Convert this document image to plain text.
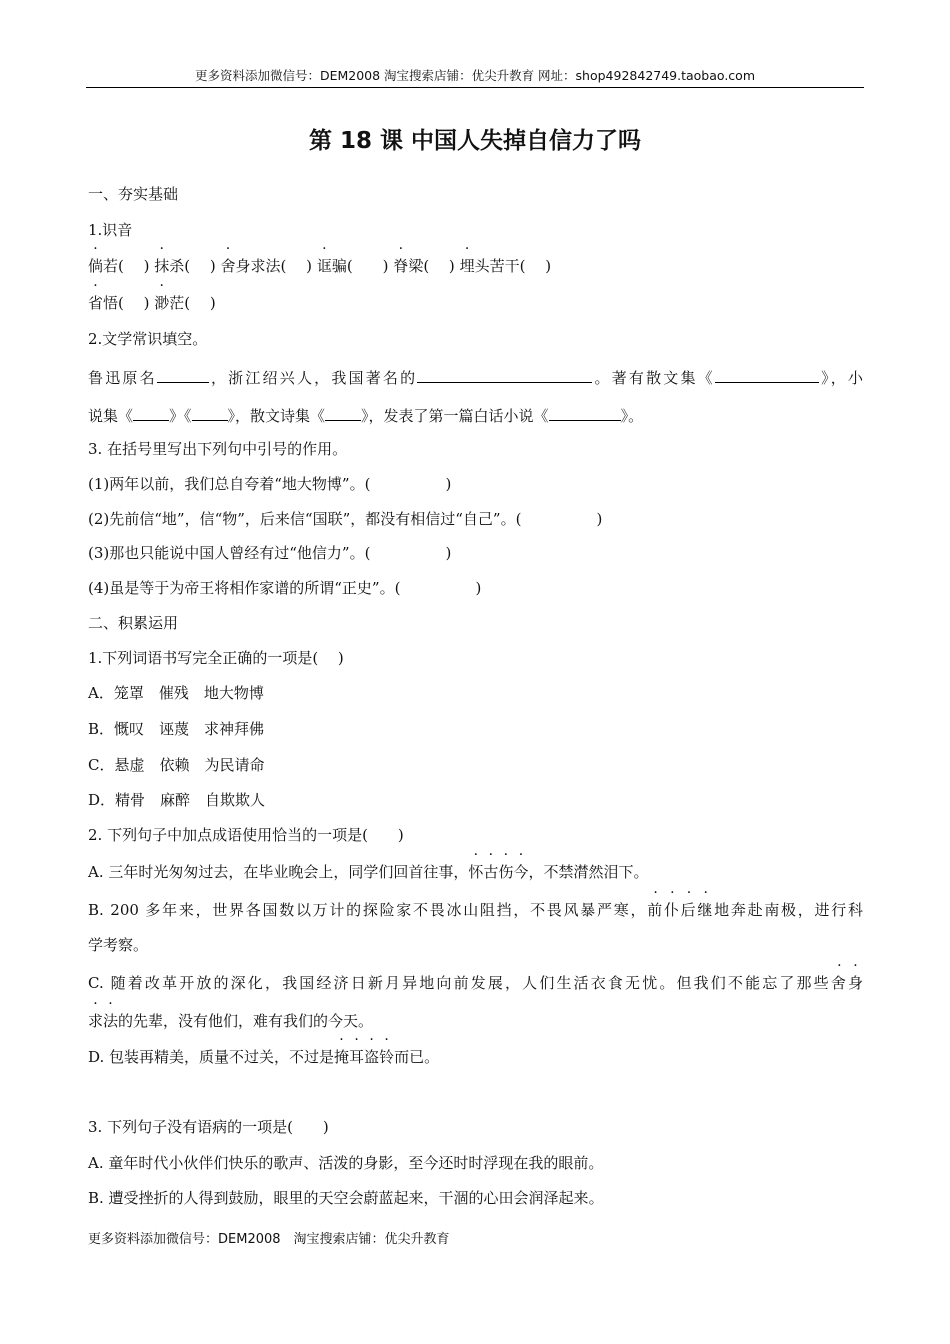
更多资料添加微信号：DEM2008 淘宝搜索店铺：优尖升教育 网址：shop492842749.taobao.com
第 18 课 中国人失掉自信力了吗
一、夯实基础
1.识音
倘若(　 ) 抹杀(　 ) 舍身求法(　 ) 诓骗(　　) 脊梁(　 ) 埋头苦干(　 )
省悟(　 ) 渺茫(　 )
2.文学常识填空。
鲁迅原名	，浙江绍兴人，我国著名的	。著有散文集《	》，小
说集《 》《 》，散文诗集《 》，发表了第一篇白话小说《	》。
3. 在括号里写出下列句中引号的作用。
(1)两年以前，我们总自夸着“地大物博”。(　　　　　)
(2)先前信“地”，信“物”，后来信“国联”，都没有相信过“自己”。(　　　　　)
(3)那也只能说中国人曾经有过“他信力”。(　　　　　)
(4)虽是等于为帝王将相作家谱的所谓“正史”。(　　　　　)
二、积累运用
1.下列词语书写完全正确的一项是(　 )
A．笼罩　催残　地大物博
B．慨叹　诬蔑　求神拜佛
C．悬虚　依赖　为民请命
D．精骨　麻醉　自欺欺人
2. 下列句子中加点成语使用恰当的一项是(　　)
A. 三年时光匆匆过去，在毕业晚会上，同学们回首往事，怀古伤今，不禁潸然泪下。
B. 200 多年来，世界各国数以万计的探险家不畏冰山阻挡，不畏风暴严寒，前仆后继地奔赴南极，进行科
学考察。
C. 随着改革开放的深化，我国经济日新月异地向前发展，人们生活衣食无忧。但我们不能忘了那些舍身
求法的先辈，没有他们，难有我们的今天。
D. 包装再精美，质量不过关，不过是掩耳盗铃而已。
3. 下列句子没有语病的一项是(　　)
A. 童年时代小伙伴们快乐的歌声、活泼的身影，至今还时时浮现在我的眼前。
B. 遭受挫折的人得到鼓励，眼里的天空会蔚蓝起来，干涸的心田会润泽起来。
更多资料添加微信号：DEM2008　淘宝搜索店铺：优尖升教育
